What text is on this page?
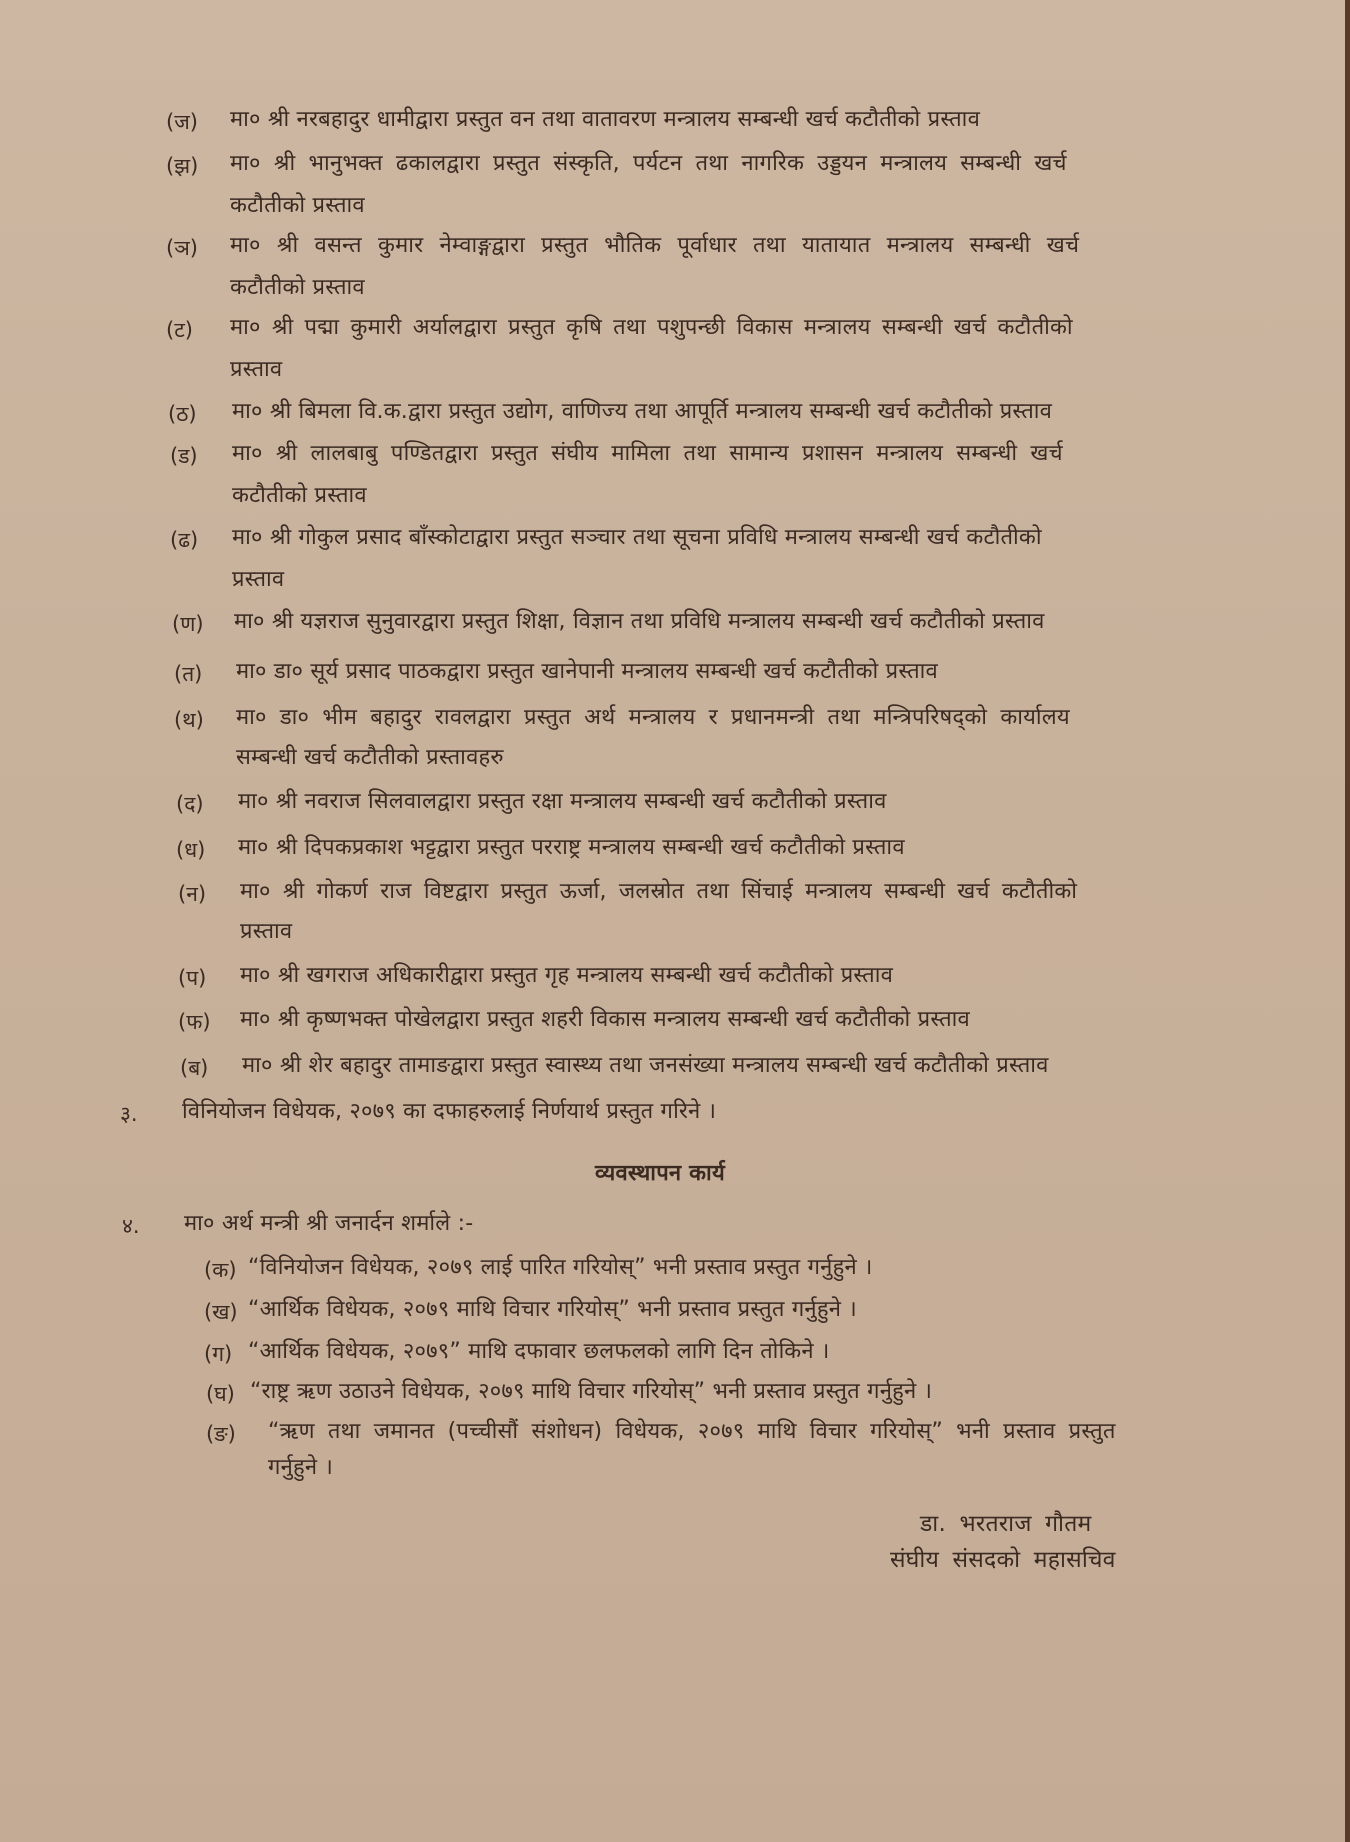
(ज) मा० श्री नरबहादुर धामीद्वारा प्रस्तुत वन तथा वातावरण मन्त्रालय सम्बन्धी खर्च कटौतीको प्रस्ताव
(झ) मा० श्री भानुभक्त ढकालद्वारा प्रस्तुत संस्कृति, पर्यटन तथा नागरिक उड्डयन मन्त्रालय सम्बन्धी खर्च
कटौतीको प्रस्ताव
(ञ) मा० श्री वसन्त कुमार नेम्वाङ्गद्वारा प्रस्तुत भौतिक पूर्वाधार तथा यातायात मन्त्रालय सम्बन्धी खर्च
कटौतीको प्रस्ताव
(ट) मा० श्री पद्मा कुमारी अर्यालद्वारा प्रस्तुत कृषि तथा पशुपन्छी विकास मन्त्रालय सम्बन्धी खर्च कटौतीको
प्रस्ताव
(ठ) मा० श्री बिमला वि.क.द्वारा प्रस्तुत उद्योग, वाणिज्य तथा आपूर्ति मन्त्रालय सम्बन्धी खर्च कटौतीको प्रस्ताव
(ड) मा० श्री लालबाबु पण्डितद्वारा प्रस्तुत संघीय मामिला तथा सामान्य प्रशासन मन्त्रालय सम्बन्धी खर्च
कटौतीको प्रस्ताव
(ढ) मा० श्री गोकुल प्रसाद बाँस्कोटाद्वारा प्रस्तुत सञ्चार तथा सूचना प्रविधि मन्त्रालय सम्बन्धी खर्च कटौतीको
प्रस्ताव
(ण) मा० श्री यज्ञराज सुनुवारद्वारा प्रस्तुत शिक्षा, विज्ञान तथा प्रविधि मन्त्रालय सम्बन्धी खर्च कटौतीको प्रस्ताव
(त) मा० डा० सूर्य प्रसाद पाठकद्वारा प्रस्तुत खानेपानी मन्त्रालय सम्बन्धी खर्च कटौतीको प्रस्ताव
(थ) मा० डा० भीम बहादुर रावलद्वारा प्रस्तुत अर्थ मन्त्रालय र प्रधानमन्त्री तथा मन्त्रिपरिषद्को कार्यालय
सम्बन्धी खर्च कटौतीको प्रस्तावहरु
(द) मा० श्री नवराज सिलवालद्वारा प्रस्तुत रक्षा मन्त्रालय सम्बन्धी खर्च कटौतीको प्रस्ताव
(ध) मा० श्री दिपकप्रकाश भट्टद्वारा प्रस्तुत परराष्ट्र मन्त्रालय सम्बन्धी खर्च कटौतीको प्रस्ताव
(न) मा० श्री गोकर्ण राज विष्टद्वारा प्रस्तुत ऊर्जा, जलस्रोत तथा सिंचाई मन्त्रालय सम्बन्धी खर्च कटौतीको
प्रस्ताव
(प) मा० श्री खगराज अधिकारीद्वारा प्रस्तुत गृह मन्त्रालय सम्बन्धी खर्च कटौतीको प्रस्ताव
(फ) मा० श्री कृष्णभक्त पोखेलद्वारा प्रस्तुत शहरी विकास मन्त्रालय सम्बन्धी खर्च कटौतीको प्रस्ताव
(ब) मा० श्री शेर बहादुर तामाङद्वारा प्रस्तुत स्वास्थ्य तथा जनसंख्या मन्त्रालय सम्बन्धी खर्च कटौतीको प्रस्ताव
३. विनियोजन विधेयक, २०७९ का दफाहरुलाई निर्णयार्थ प्रस्तुत गरिने ।
व्यवस्थापन कार्य
४. मा० अर्थ मन्त्री श्री जनार्दन शर्माले :-
(क) “विनियोजन विधेयक, २०७९ लाई पारित गरियोस्” भनी प्रस्ताव प्रस्तुत गर्नुहुने ।
(ख) “आर्थिक विधेयक, २०७९ माथि विचार गरियोस्” भनी प्रस्ताव प्रस्तुत गर्नुहुने ।
(ग) “आर्थिक विधेयक, २०७९” माथि दफावार छलफलको लागि दिन तोकिने ।
(घ) “राष्ट्र ऋण उठाउने विधेयक, २०७९ माथि विचार गरियोस्” भनी प्रस्ताव प्रस्तुत गर्नुहुने ।
(ङ) “ऋण तथा जमानत (पच्चीसौं संशोधन) विधेयक, २०७९ माथि विचार गरियोस्” भनी प्रस्ताव प्रस्तुत
गर्नुहुने ।
डा. भरतराज गौतम
संघीय संसदको महासचिव
